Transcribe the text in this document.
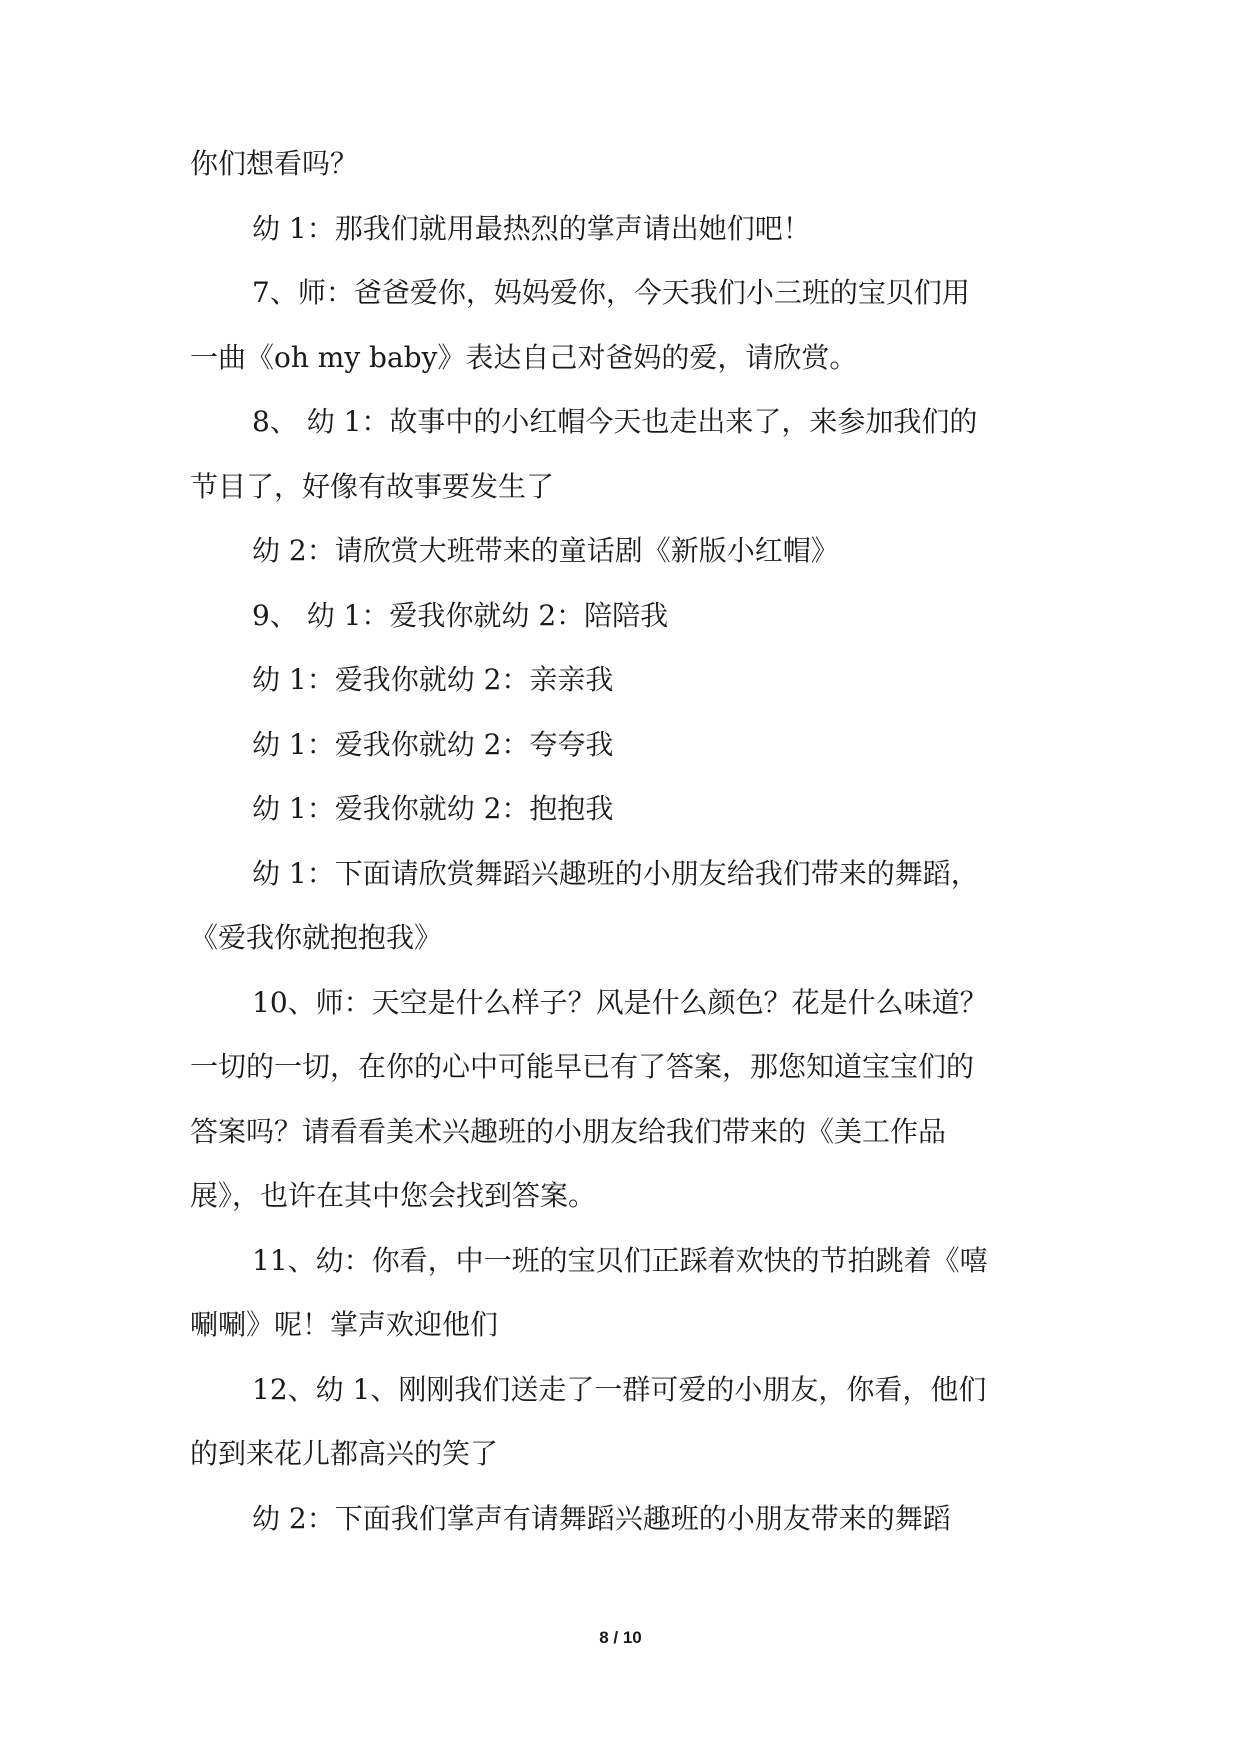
你们想看吗？
幼 1：那我们就用最热烈的掌声请出她们吧！
7、师：爸爸爱你，妈妈爱你，今天我们小三班的宝贝们用
一曲《oh my baby》表达自己对爸妈的爱，请欣赏。
8、 幼 1：故事中的小红帽今天也走出来了，来参加我们的
节目了，好像有故事要发生了
幼 2：请欣赏大班带来的童话剧《新版小红帽》
9、 幼 1：爱我你就幼 2：陪陪我
幼 1：爱我你就幼 2：亲亲我
幼 1：爱我你就幼 2：夸夸我
幼 1：爱我你就幼 2：抱抱我
幼 1：下面请欣赏舞蹈兴趣班的小朋友给我们带来的舞蹈，
《爱我你就抱抱我》
10、师：天空是什么样子？风是什么颜色？花是什么味道？
一切的一切，在你的心中可能早已有了答案，那您知道宝宝们的
答案吗？请看看美术兴趣班的小朋友给我们带来的《美工作品
展》，也许在其中您会找到答案。
11、幼：你看，中一班的宝贝们正踩着欢快的节拍跳着《嘻
唰唰》呢！掌声欢迎他们
12、幼 1、刚刚我们送走了一群可爱的小朋友，你看，他们
的到来花儿都高兴的笑了
幼 2：下面我们掌声有请舞蹈兴趣班的小朋友带来的舞蹈
8 / 10
